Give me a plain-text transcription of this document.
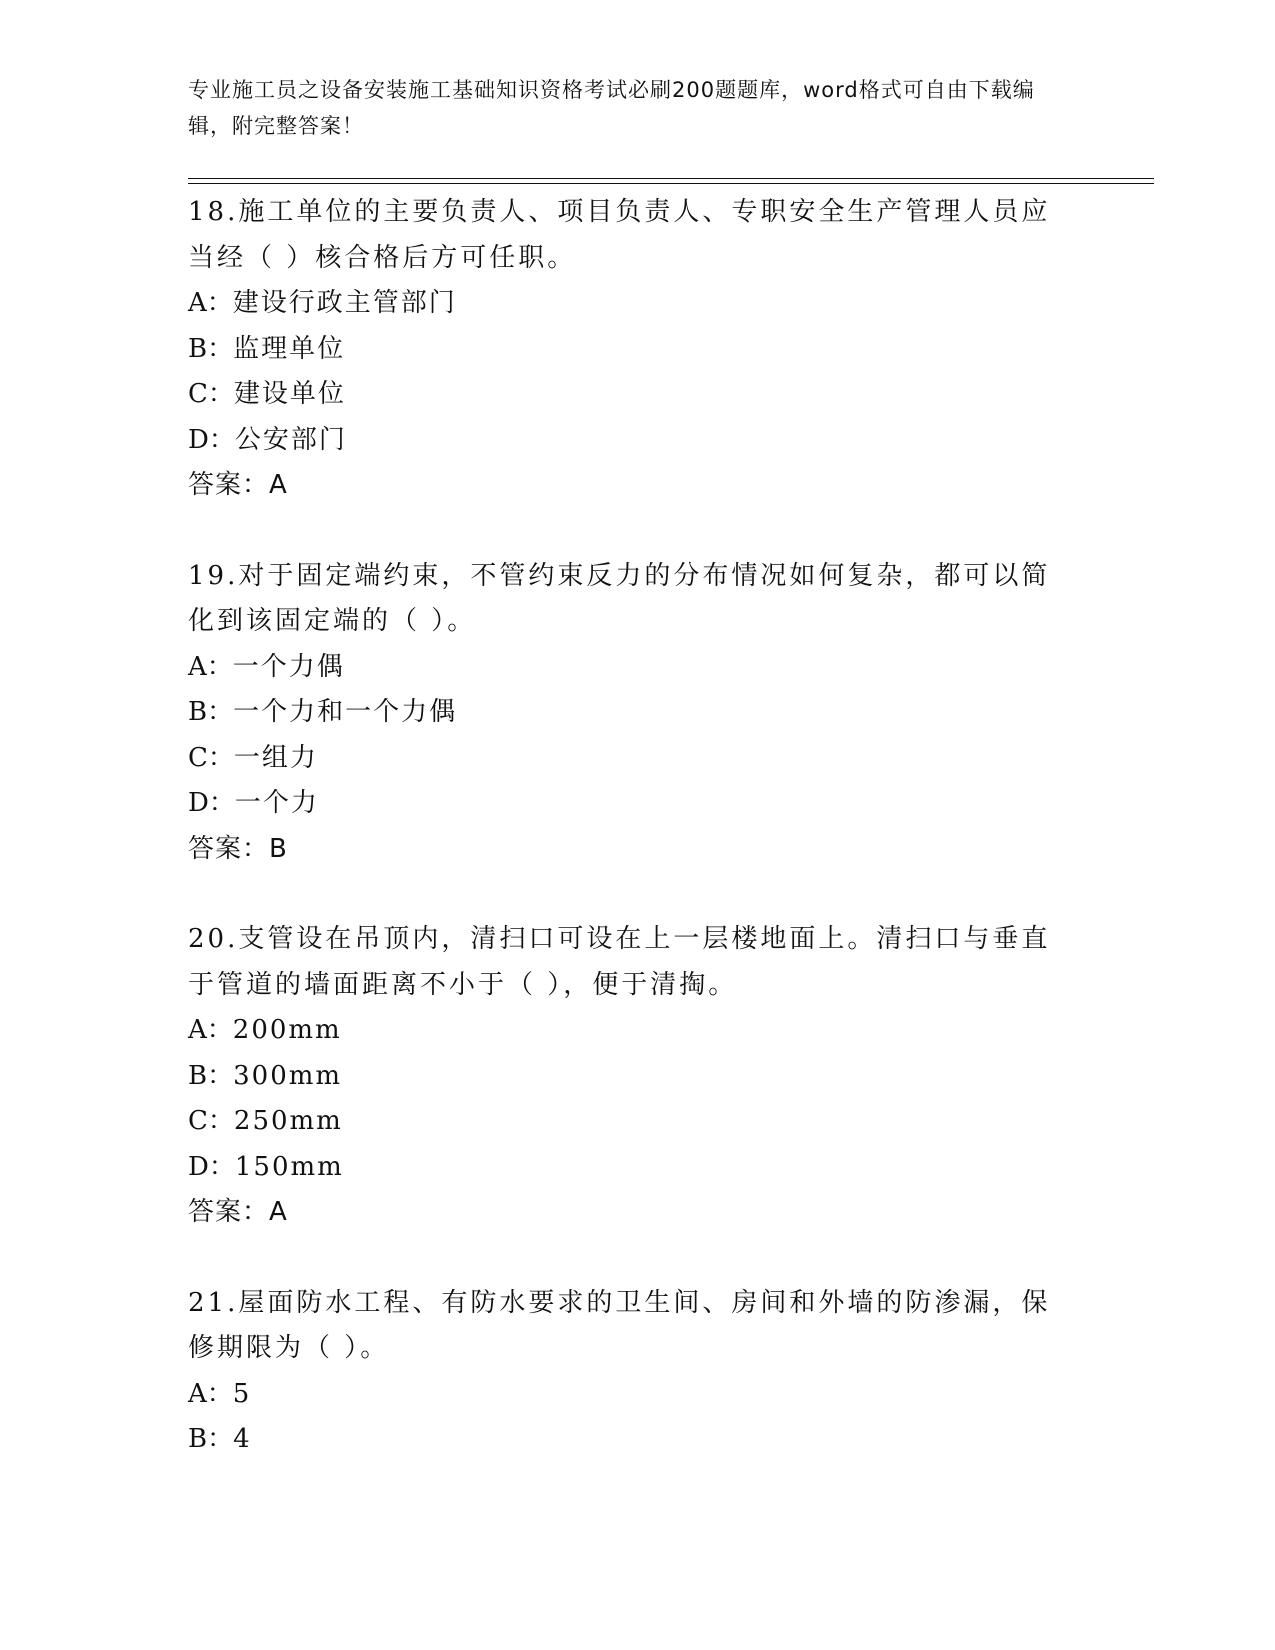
专业施工员之设备安装施工基础知识资格考试必刷200题题库，word格式可自由下载编辑，附完整答案！
18.施工单位的主要负责人、项目负责人、专职安全生产管理人员应当经（ ）核合格后方可任职。
A：建设行政主管部门
B：监理单位
C：建设单位
D：公安部门
答案：A
19.对于固定端约束，不管约束反力的分布情况如何复杂，都可以简化到该固定端的（ ）。
A：一个力偶
B：一个力和一个力偶
C：一组力
D：一个力
答案：B
20.支管设在吊顶内，清扫口可设在上一层楼地面上。清扫口与垂直于管道的墙面距离不小于（ ），便于清掏。
A：200mm
B：300mm
C：250mm
D：150mm
答案：A
21.屋面防水工程、有防水要求的卫生间、房间和外墙的防渗漏，保修期限为（ ）。
A：5
B：4
